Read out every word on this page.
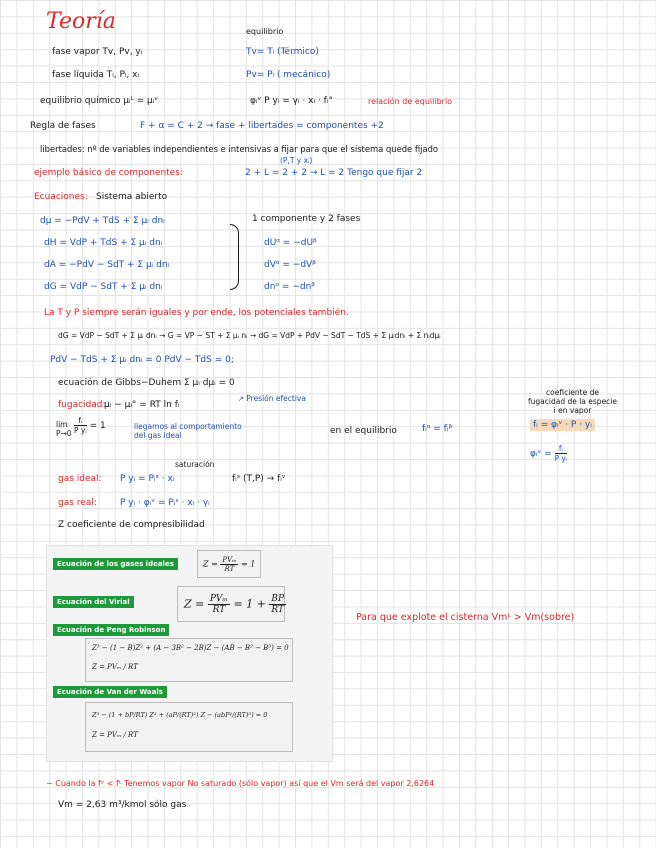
Teoría	equilibrio
fase vapor Tv, Pv, yᵢ	Tv= Tₗ (Térmico)
fase líquida Tₗ, Pₗ, xᵢ	Pv= Pₗ ( mecánico)
equilibrio químico μᵢᴸ = μᵢᵛ	φᵢᵛ P yᵢ = γᵢ · xᵢ · fᵢ°	relación de equilibrio
Regla de fases	F + α = C + 2 → fase + libertades = componentes +2
libertades: nº de variables independientes e intensivas a fijar para que el sistema quede fijado
(P,T y xᵢ)
ejemplo básico de componentes:	2 + L = 2 + 2 → L = 2 Tengo que fijar 2
Ecuaciones: Sistema abierto
dμ = −PdV + TdS + Σ μᵢ dnᵢ
dH = VdP + TdS + Σ μᵢ dnᵢ
dA = −PdV − SdT + Σ μᵢ dnᵢ
dG = VdP − SdT + Σ μᵢ dnᵢ
1 componente y 2 fases
dUᵅ = −dUᵝ
dVᵅ = −dVᵝ
dnᵅ = −dnᵝ
La T y P siempre serán iguales y por ende, los potenciales también.
dG = VdP − SdT + Σ μᵢ dnᵢ → G = VP − ST + Σ μᵢ nᵢ → dG = VdP + PdV − SdT − TdS + Σ μᵢdnᵢ + Σ nᵢdμᵢ
PdV − TdS + Σ μᵢ dnᵢ = 0 PdV − TdS = 0;
ecuación de Gibbs−Duhem Σ μᵢ dμᵢ = 0
fugacidad:
μᵢ − μᵢ° = RT ln fᵢ
↗ Presión efectiva
lim
$P\to 0 \frac{\text{fᵢ}}{\text{P yᵢ}} = 1$	llegamos al comportamiento
del gas ideal	en el equilibrio	fᵢᵅ = fᵢᵝ
coeficiente de
fugacidad de la especie
i en vapor
fᵢ = φᵢᵛ · P · yᵢ
φᵢᵛ = $\frac{\text{fᵢ}}{\text{P yᵢ}}$
saturación
gas ideal: P yᵢ = Pᵢˢ · xᵢ	fᵢˢ (T,P) → fᵢᵛ
gas real:	P yᵢ · φᵢᵛ = Pᵢˢ · xᵢ · γᵢ
Z coeficiente de compresibilidad
Ecuación de los gases ideales	$Z = \frac{\text{PVₘ}}{RT} = 1$
Ecuación del Virial	$Z = \frac{\text{PVₘ}}{RT} = 1 + \frac{BP}{RT}$
Ecuación de Peng Robinson
Z³ − (1 − B)Z² + (A − 3B² − 2B)Z − (AB − B² − B³) = 0
Z = PVₘ / RT
Ecuación de Van der Waals
Z³ − (1 + bP/RT) Z² + (aP/(RT)²) Z − (abP²/(RT)³) = 0
Z = PVₘ / RT
Para que explote el cisterna Vmᴸ > Vm(sobre)
− Cuando la fᵛ < fᴸ Tenemos vapor No saturado (sólo vapor) así que el Vm será del vapor 2,6264
Vm = 2,63 m³/kmol sólo gas
